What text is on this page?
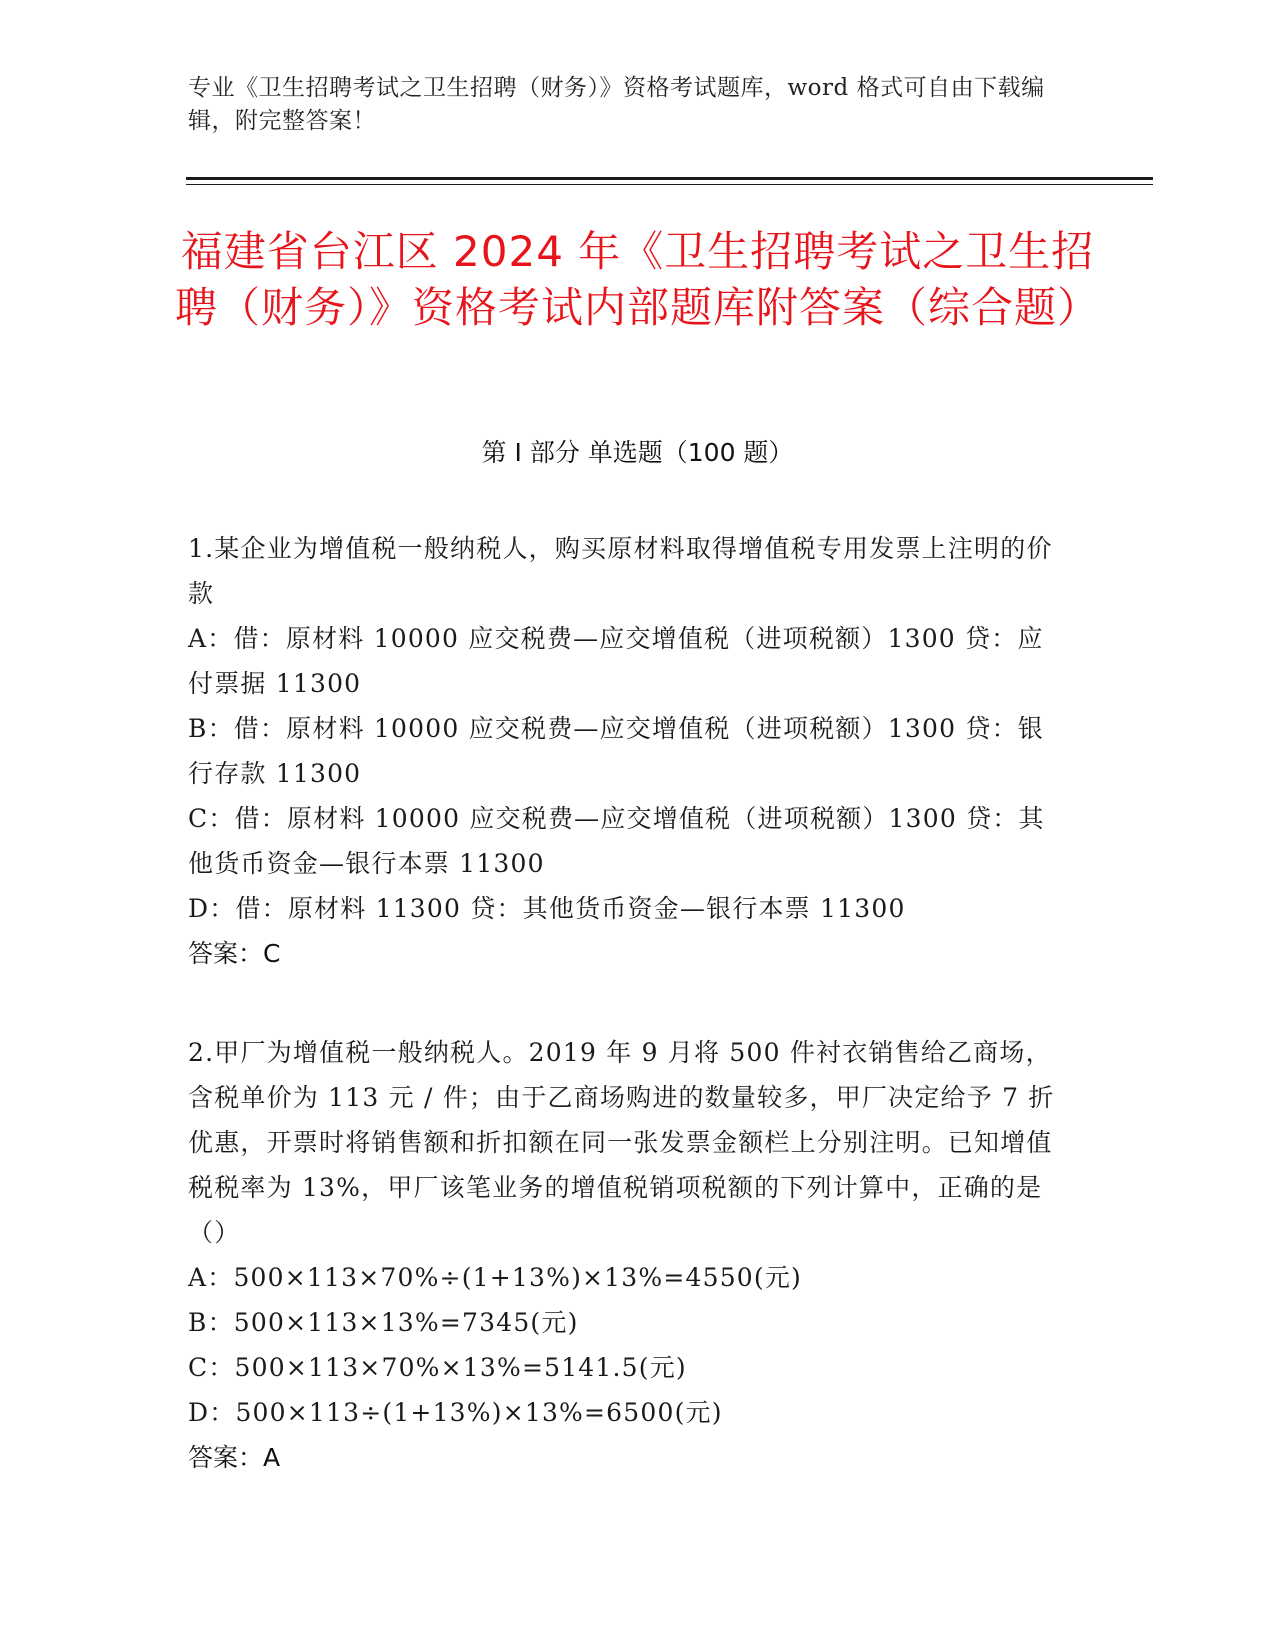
专业《卫生招聘考试之卫生招聘（财务）》资格考试题库，word 格式可自由下载编辑，附完整答案！
福建省台江区 2024 年《卫生招聘考试之卫生招聘（财务）》资格考试内部题库附答案（综合题）
第 I 部分 单选题（100 题）

1.某企业为增值税一般纳税人，购买原材料取得增值税专用发票上注明的价款

A：借：原材料 10000 应交税费—应交增值税（进项税额）1300 贷：应付票据 11300

B：借：原材料 10000 应交税费—应交增值税（进项税额）1300 贷：银行存款 11300

C：借：原材料 10000 应交税费—应交增值税（进项税额）1300 贷：其他货币资金—银行本票 11300

D：借：原材料 11300 贷：其他货币资金—银行本票 11300

答案：C

2.甲厂为增值税一般纳税人。2019 年 9 月将 500 件衬衣销售给乙商场，含税单价为 113 元 / 件；由于乙商场购进的数量较多，甲厂决定给予 7 折优惠，开票时将销售额和折扣额在同一张发票金额栏上分别注明。已知增值税税率为 13%，甲厂该笔业务的增值税销项税额的下列计算中，正确的是（）

A：500×113×70%÷(1+13%)×13%=4550(元)

B：500×113×13%=7345(元)

C：500×113×70%×13%=5141.5(元)

D：500×113÷(1+13%)×13%=6500(元)

答案：A
